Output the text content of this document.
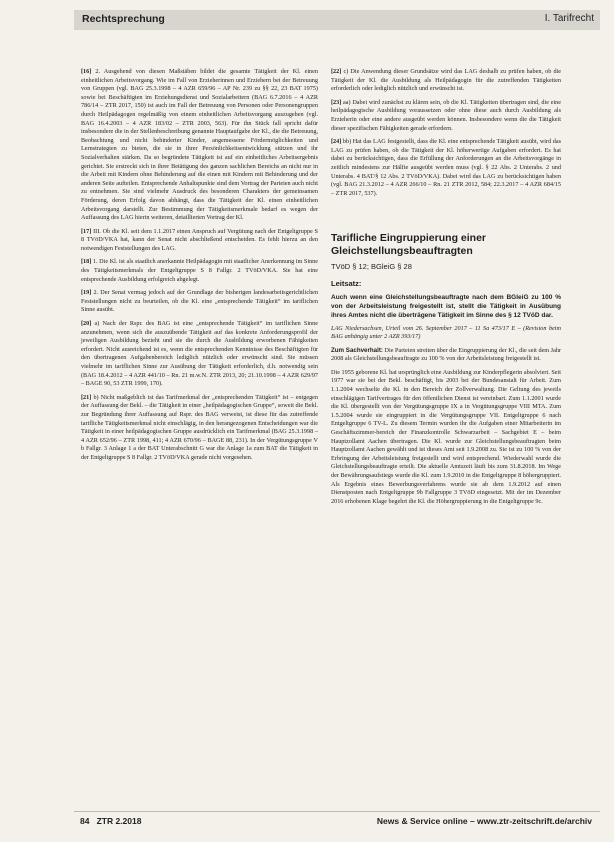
Rechtsprechung	I. Tarifrecht

[16] 2. Ausgehend von diesen Maßstäben bildet die gesamte Tätigkeit der Kl. einen einheitlichen Arbeitsvorgang. Wie im Fall von Erzieherinnen und Erziehern bei der Betreuung von Gruppen (vgl. BAG 25.3.1998 – 4 AZR 659/96 – AP Nr. 239 zu §§ 22, 23 BAT 1975) sowie bei Beschäftigten im Erziehungsdienst und Sozialarbeitern (BAG 6.7.2016 – 4 AZR 786/14 – ZTR 2017, 150) ist auch im Fall der Betreuung von Personen oder Personengruppen durch Heilpädagogen regelmäßig von einem einheitlichen Arbeitsvorgang auszugehen (vgl. BAG 16.4.2003 – 4 AZR 183/02 – ZTR 2003, 563). Für ihn Stück fall spricht dafür insbesondere die in der Stellenbeschreibung genannte Hauptaufgabe der Kl., die die Betreuung, Beobachtung und nicht behinderter Kinder, angemessene Fördermöglichkeiten und Lernstrategien zu bieten, die sie in ihrer Persönlichkeitsentwicklung stützen und ihr Sozialverhalten stärken. Da so begründete Tätigkeit ist auf ein einheitliches Arbeitsergebnis gerichtet. Sie erstreckt sich in ihrer Betätigung des ganzen sachlichen Bereichs an nicht nur in die Arbeit mit Kindern ohne Behinderung auf die einen mit Kindern mit Behinderung und der anderen Seite aufteilen. Entsprechende Anhaltspunkte sind dem Vortrag der Parteien auch nicht zu entnehmen. Sie sind vielmehr Ausdruck des besonderen Charakters der gemeinsamen Förderung, deren Erfolg davon abhängt, dass die Tätigkeit der Kl. einen einheitlichen Arbeitsvorgang darstellt. Zur Bestimmung der Tätigkeitsmerkmale bedarf es wegen der Auffassung des LAG hierin weiteren, detaillierten Vortrag der Kl.

[17] III. Ob die Kl. seit dem 1.1.2017 einen Anspruch auf Vergütung nach der Entgeltgruppe S 8 TVöD/VKA hat, kann der Senat nicht abschließend entscheiden. Es fehlt hierzu an den notwendigen Feststellungen des LAG.

[18] 1. Die Kl. ist als staatlich anerkannte Heilpädagogin mit staatlicher Anerkennung im Sinne des Tätigkeitsmerkmals der Entgeltgruppe S 8 Fallgr. 2 TVöD/VKA. Sie hat eine entsprechende Ausbildung erfolgreich abgelegt.

[19] 2. Der Senat vermag jedoch auf der Grundlage der bisherigen landesarbeitsgerichtlichen Feststellungen nicht zu beurteilen, ob die Kl. eine „entsprechende Tätigkeit“ im tariflichen Sinne ausübt.

[20] a) Nach der Rspr. des BAG ist eine „entsprechende Tätigkeit“ im tariflichen Sinne anzunehmen, wenn sich die auszuübende Tätigkeit auf das konkrete Anforderungsprofil der jeweiligen Ausbildung bezieht und sie die durch die Ausbildung erworbenen Fähigkeiten erfordert. Nicht ausreichend ist es, wenn die entsprechenden Kenntnisse des Beschäftigten für den übertragenen Aufgabenbereich lediglich nützlich oder erwünscht sind. Sie müssen vielmehr im tariflichen Sinne zur Ausübung der Tätigkeit erforderlich, d.h. notwendig sein (BAG 18.4.2012 – 4 AZR 441/10 – Rn. 21 m.w.N. ZTR 2013, 20; 21.10.1998 – 4 AZR 629/97 – BAGE 90, 53 ZTR 1999, 170).

[21] b) Nicht maßgeblich ist das Tarifmerkmal der „entsprechenden Tätigkeit“ ist – entgegen der Auffassung der Bekl. – die Tätigkeit in einer „heilpädagogischen Gruppe“, soweit die Bekl. zur Begründung ihrer Auffassung auf Rspr. des BAG verweist, ist diese für das zutreffende tarifliche Tätigkeitsmerkmal nicht einschlägig, in den herangezogenen Entscheidungen war die Tätigkeit in einer heilpädagogischen Gruppe ausdrücklich ein Tarifmerkmal (BAG 25.3.1998 – 4 AZR 652/96 – ZTR 1998, 411; 4 AZR 670/96 – BAGE 88, 231). In der Vergütungsgruppe V b Fallgr. 3 Anlage 1 a der BAT Unterabschnitt G war die Anlage 1a zum BAT die Tätigkeit in der Entgeltgruppe S 8 Fallgr. 2 TVöD/VKA gerade nicht vorgesehen.

[22] c) Die Anwendung dieser Grundsätze wird das LAG deshalb zu prüfen haben, ob die Tätigkeit der Kl. die Ausbildung als Heilpädagogin für die zutreffenden Tätigkeiten erforderlich oder lediglich nützlich und erwünscht ist.

[23] aa) Dabei wird zunächst zu klären sein, ob die Kl. Tätigkeiten übertragen sind, die eine heilpädagogische Ausbildung voraussetzen oder ohne diese auch durch Ausbildung als Erzieherin oder eine andere ausgeübt werden können. Insbesondere wenn die die Tätigkeit dieser spezifischen Fähigkeiten gerade erfordern.

[24] bb) Hat das LAG festgestellt, dass die Kl. eine entsprechende Tätigkeit ausübt, wird das LAG zu prüfen haben, ob die Tätigkeit der Kl. höherwertige Aufgaben erfordert. Es hat dabei zu berücksichtigen, dass die Erfüllung der Anforderungen an die Arbeitsvorgänge in zeitlich mindestens zur Hälfte ausgeübt werden muss (vgl. § 22 Abs. 2 Unterabs. 2 und Unterabs. 4 BAT/§ 12 Abs. 2 TVöD/VKA). Dabei wird das LAG zu berücksichtigen haben (vgl. BAG 21.3.2012 – 4 AZR 266/10 – Rn. 21 ZTR 2012, 584; 22.3.2017 – 4 AZR 684/15 – ZTR 2017, 537).

Tarifliche Eingruppierung einer Gleichstellungsbeauftragten
TVöD § 12; BGleiG § 28
Leitsatz:

Auch wenn eine Gleichstellungsbeauftragte nach dem BGleiG zu 100 % von der Arbeitsleistung freigestellt ist, stellt die Tätigkeit in Ausübung ihres Amtes nicht die überträgene Tätigkeit im Sinne des § 12 TVöD dar.

LAG Niedersachsen, Urteil vom 26. September 2017 – 11 Sa 473/17 E – (Revision beim BAG anhängig unter 2 AZR 393/17)

Zum Sachverhalt: Die Parteien streiten über die Eingruppierung der Kl., die seit dem Jahr 2008 als Gleichstellungsbeauftragte zu 100 % von der Arbeitsleistung freigestellt ist.

Die 1955 geborene Kl. hat ursprünglich eine Ausbildung zur Kinderpflegerin absolviert. Seit 1977 war sie bei der Bekl. beschäftigt, bis 2003 bei der Bundesanstalt für Arbeit. Zum 1.1.2004 wechselte die Kl. in den Bereich der Zollverwaltung. Die Geltung des jeweils einschlägigen Tarifvertrages für den öffentlichen Dienst ist vereinbart. Zum 1.1.2001 wurde die Kl. übergestellt von der Vergütungsgruppe IX a in Vergütungsgruppe VIII MTA. Zum 1.5.2004 wurde sie eingruppiert in die Vergütungsgruppe VII. Entgeltgruppe 6 nach Entgeltgruppe 6 TV-L. Zu diesem Termin wurden ihr die Aufgaben einer Mitarbeiterin im Geschäftszimmer-bereich der Finanzkontrolle Schwarzarbeit – Sachgebiet E – beim Hauptzollamt Aachen übertragen. Die Kl. wurde zur Gleichstellungsbeauftragten beim Hauptzollamt Aachen gewählt und ist dieses Amt seit 1.9.2008 zu. Sie ist zu 100 % von der Erbringung der Arbeitsleistung freigestellt und wird entsprechend. Wiederwahl wurde die Gleichstellungsbeauftragte erteilt. Die aktuelle Amtszeit läuft bis zum 31.8.2018. Im Wege der Bewährungsaufstiegs wurde die Kl. zum 1.9.2010 in die Entgeltgruppe 8 höhergruppiert. Als Ergebnis eines Bewerbungsverfahrens wurde sie ab dem 1.9.2012 auf einen Dienstposten nach Entgeltgruppe 9b Fallgruppe 3 TVöD eingesetzt. Mit der im Dezember 2016 erhobenen Klage begehrt die Kl. die Höhergruppierung in die Entgeltgruppe 9c.

84 ZTR 2.2018	News & Service online – www.ztr-zeitschrift.de/archiv
